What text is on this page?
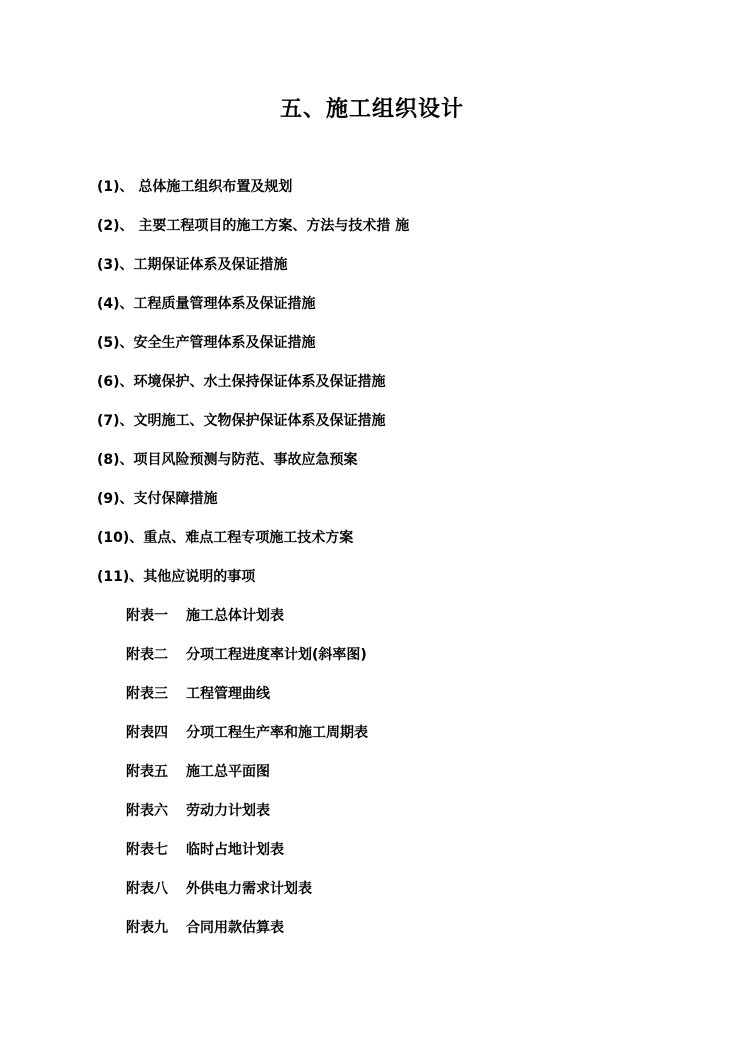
五、施工组织设计
(1)、 总体施工组织布置及规划
(2)、 主要工程项目的施工方案、方法与技术措 施
(3)、工期保证体系及保证措施
(4)、工程质量管理体系及保证措施
(5)、安全生产管理体系及保证措施
(6)、环境保护、水土保持保证体系及保证措施
(7)、文明施工、文物保护保证体系及保证措施
(8)、项目风险预测与防范、事故应急预案
(9)、支付保障措施
(10)、重点、难点工程专项施工技术方案
(11)、其他应说明的事项
附表一 施工总体计划表
附表二 分项工程进度率计划(斜率图)
附表三 工程管理曲线
附表四 分项工程生产率和施工周期表
附表五 施工总平面图
附表六 劳动力计划表
附表七 临时占地计划表
附表八 外供电力需求计划表
附表九 合同用款估算表
